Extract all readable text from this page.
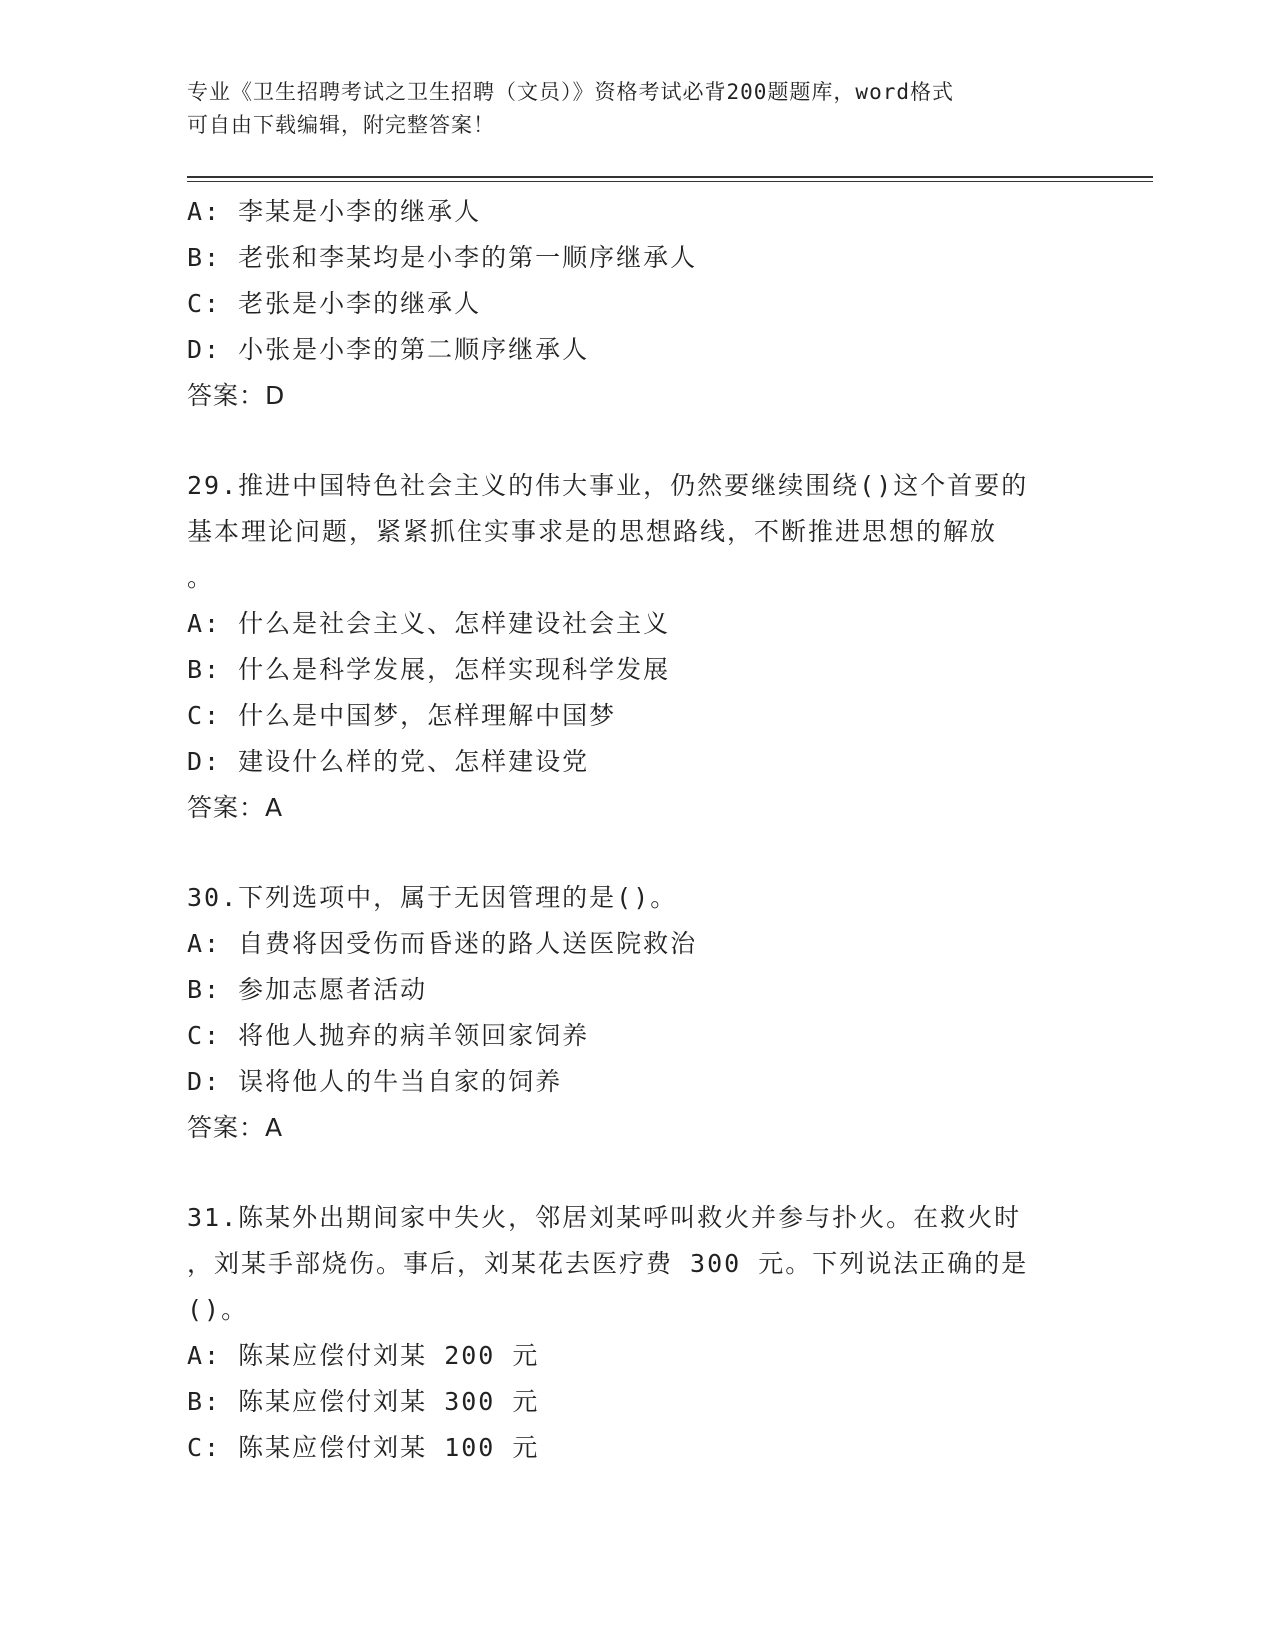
专业《卫生招聘考试之卫生招聘（文员）》资格考试必背200题题库，word格式
可自由下载编辑，附完整答案！
A: 李某是小李的继承人
B: 老张和李某均是小李的第一顺序继承人
C: 老张是小李的继承人
D: 小张是小李的第二顺序继承人
答案：D
29.推进中国特色社会主义的伟大事业，仍然要继续围绕()这个首要的
基本理论问题，紧紧抓住实事求是的思想路线，不断推进思想的解放
。
A: 什么是社会主义、怎样建设社会主义
B: 什么是科学发展，怎样实现科学发展
C: 什么是中国梦，怎样理解中国梦
D: 建设什么样的党、怎样建设党
答案：A
30.下列选项中，属于无因管理的是()。
A: 自费将因受伤而昏迷的路人送医院救治
B: 参加志愿者活动
C: 将他人抛弃的病羊领回家饲养
D: 误将他人的牛当自家的饲养
答案：A
31.陈某外出期间家中失火，邻居刘某呼叫救火并参与扑火。在救火时
，刘某手部烧伤。事后，刘某花去医疗费 300 元。下列说法正确的是
()。
A: 陈某应偿付刘某 200 元
B: 陈某应偿付刘某 300 元
C: 陈某应偿付刘某 100 元
